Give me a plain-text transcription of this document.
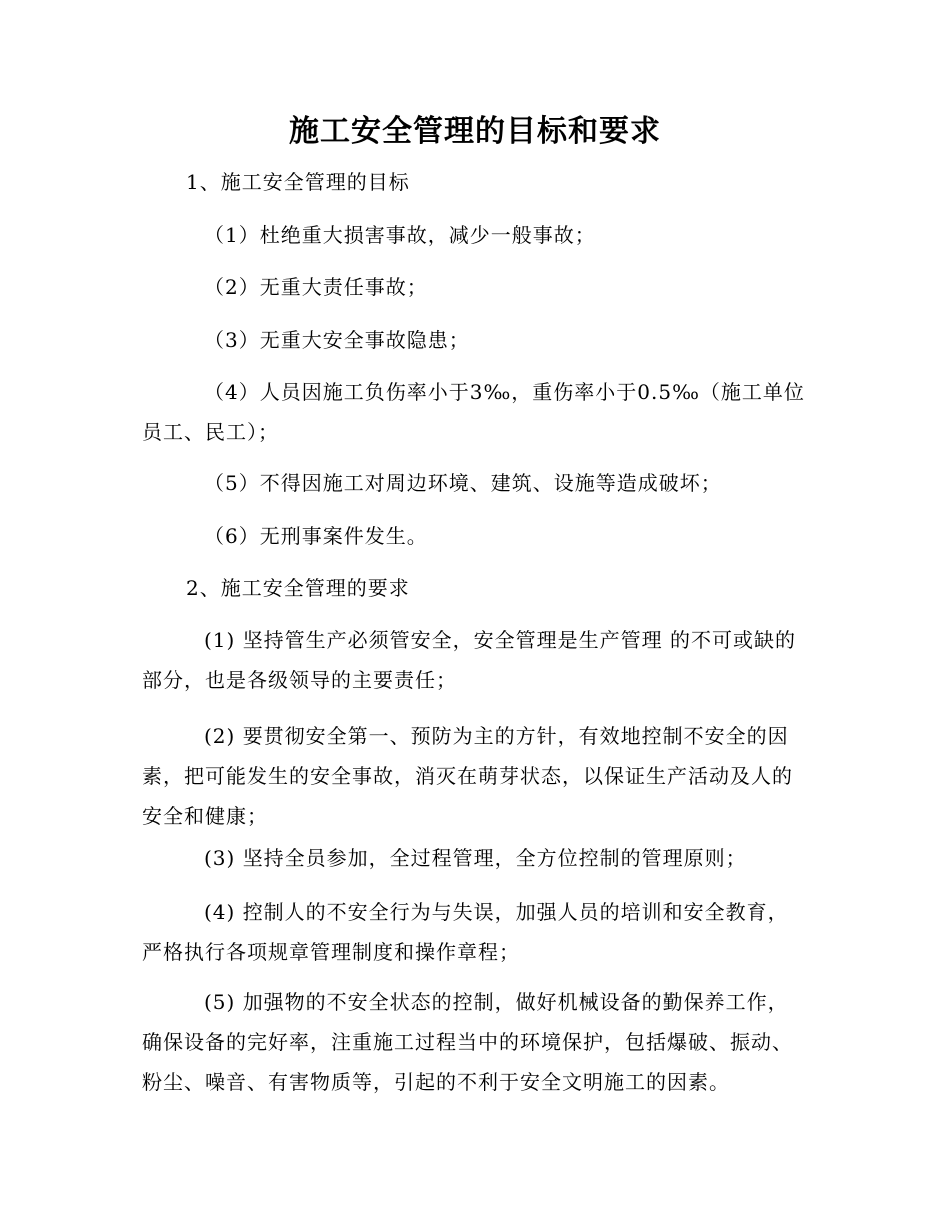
施工安全管理的目标和要求
1、施工安全管理的目标
（1）杜绝重大损害事故，减少一般事故；
（2）无重大责任事故；
（3）无重大安全事故隐患；
（4）人员因施工负伤率小于3‰，重伤率小于0.5‰（施工单位员工、民工）；
（5）不得因施工对周边环境、建筑、设施等造成破坏；
（6）无刑事案件发生。
2、施工安全管理的要求
(1) 坚持管生产必须管安全，安全管理是生产管理 的不可或缺的部分，也是各级领导的主要责任；
(2) 要贯彻安全第一、预防为主的方针，有效地控制不安全的因素，把可能发生的安全事故，消灭在萌芽状态，以保证生产活动及人的安全和健康；
(3) 坚持全员参加，全过程管理，全方位控制的管理原则；
(4) 控制人的不安全行为与失误，加强人员的培训和安全教育，严格执行各项规章管理制度和操作章程；
(5) 加强物的不安全状态的控制，做好机械设备的勤保养工作，确保设备的完好率，注重施工过程当中的环境保护，包括爆破、振动、粉尘、噪音、有害物质等，引起的不利于安全文明施工的因素。
